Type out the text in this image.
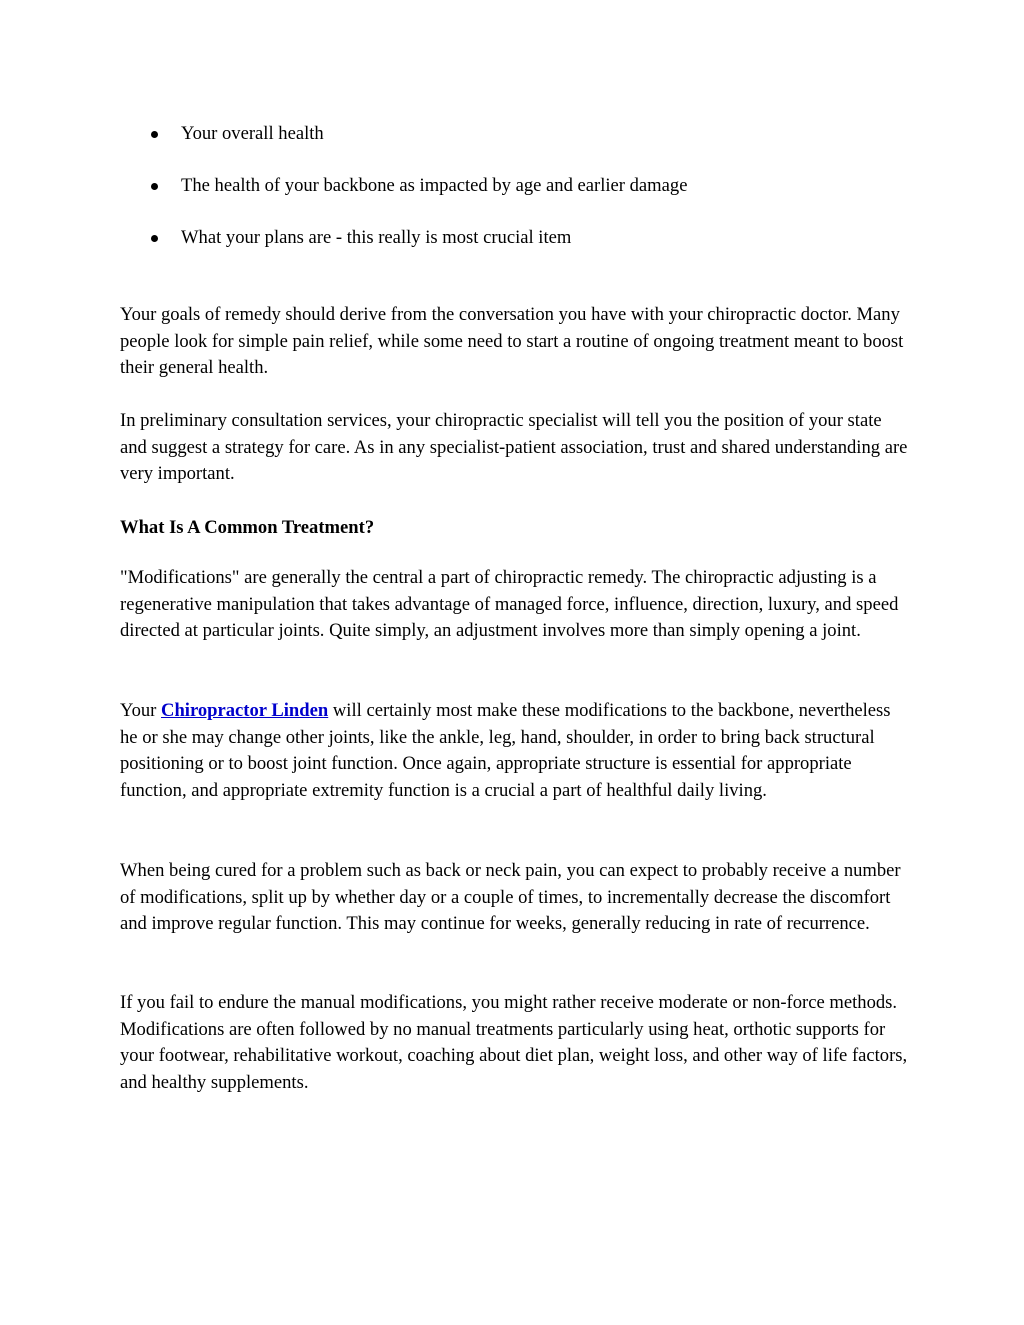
Your overall health
The health of your backbone as impacted by age and earlier damage
What your plans are - this really is most crucial item

Your goals of remedy should derive from the conversation you have with your chiropractic doctor. Many people look for simple pain relief, while some need to start a routine of ongoing treatment meant to boost their general health.

In preliminary consultation services, your chiropractic specialist will tell you the position of your state and suggest a strategy for care. As in any specialist-patient association, trust and shared understanding are very important.

What Is A Common Treatment?

"Modifications" are generally the central a part of chiropractic remedy. The chiropractic adjusting is a regenerative manipulation that takes advantage of managed force, influence, direction, luxury, and speed directed at particular joints. Quite simply, an adjustment involves more than simply opening a joint.

Your Chiropractor Linden will certainly most make these modifications to the backbone, nevertheless he or she may change other joints, like the ankle, leg, hand, shoulder, in order to bring back structural positioning or to boost joint function. Once again, appropriate structure is essential for appropriate function, and appropriate extremity function is a crucial a part of healthful daily living.

When being cured for a problem such as back or neck pain, you can expect to probably receive a number of modifications, split up by whether day or a couple of times, to incrementally decrease the discomfort and improve regular function. This may continue for weeks, generally reducing in rate of recurrence.

If you fail to endure the manual modifications, you might rather receive moderate or non-force methods. Modifications are often followed by no manual treatments particularly using heat, orthotic supports for your footwear, rehabilitative workout, coaching about diet plan, weight loss, and other way of life factors, and healthy supplements.
